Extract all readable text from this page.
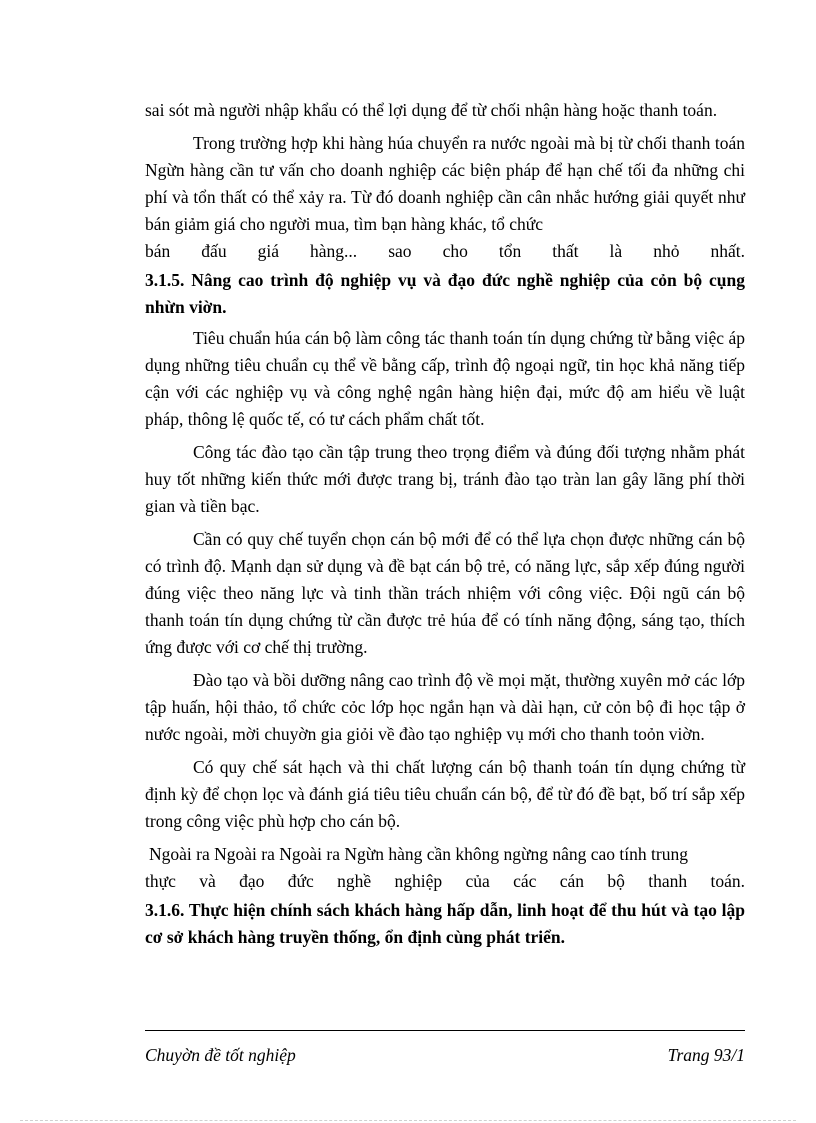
sai sót mà người nhập khẩu có thể lợi dụng để từ chối nhận hàng hoặc thanh toán.

Trong trường hợp khi hàng húa chuyển ra nước ngoài mà bị từ chối thanh toán Ngừn hàng cần tư vấn cho doanh nghiệp các biện pháp để hạn chế tối đa những chi phí và tổn thất có thể xảy ra. Từ đó doanh nghiệp cần cân nhắc hướng giải quyết như bán giảm giá cho người mua, tìm bạn hàng khác, tổ chức

bán đấu giá hàng... sao cho tổn thất là nhỏ nhất.

3.1.5. Nâng cao trình độ nghiệp vụ và đạo đức nghề nghiệp của cỏn bộ cụng nhừn viờn.

Tiêu chuẩn húa cán bộ làm công tác thanh toán tín dụng chứng từ bằng việc áp dụng những tiêu chuẩn cụ thể về bằng cấp, trình độ ngoại ngữ, tin học khả năng tiếp cận với các nghiệp vụ và công nghệ ngân hàng hiện đại, mức độ am hiểu về luật pháp, thông lệ quốc tế, có tư cách phẩm chất tốt.

Công tác đào tạo cần tập trung theo trọng điểm và đúng đối tượng nhằm phát huy tốt những kiến thức mới được trang bị, tránh đào tạo tràn lan gây lãng phí thời gian và tiền bạc.

Cần có quy chế tuyển chọn cán bộ mới để có thể lựa chọn được những cán bộ có trình độ. Mạnh dạn sử dụng và đề bạt cán bộ trẻ, có năng lực, sắp xếp đúng người đúng việc theo năng lực và tinh thần trách nhiệm với công việc. Đội ngũ cán bộ thanh toán tín dụng chứng từ cần được trẻ húa để có tính năng động, sáng tạo, thích ứng được với cơ chế thị trường.

Đào tạo và bồi dưỡng nâng cao trình độ về mọi mặt, thường xuyên mở các lớp tập huấn, hội thảo, tổ chức cỏc lớp học ngắn hạn và dài hạn, cử cỏn bộ đi học tập ở nước ngoài, mời chuyờn gia giỏi về đào tạo nghiệp vụ mới cho thanh toỏn viờn.

Có quy chế sát hạch và thi chất lượng cán bộ thanh toán tín dụng chứng từ định kỳ để chọn lọc và đánh giá tiêu tiêu chuẩn cán bộ, để từ đó đề bạt, bố trí sắp xếp trong công việc phù hợp cho cán bộ.

Ngoài ra Ngoài ra Ngoài ra Ngừn hàng cần không ngừng nâng cao tính trung

thực và đạo đức nghề nghiệp của các cán bộ thanh toán.

3.1.6. Thực hiện chính sách khách hàng hấp dẫn, linh hoạt để thu hút và tạo lập cơ sở khách hàng truyền thống, ổn định cùng phát triển.
Chuyờn đề tốt nghiệp	Trang 93/1
